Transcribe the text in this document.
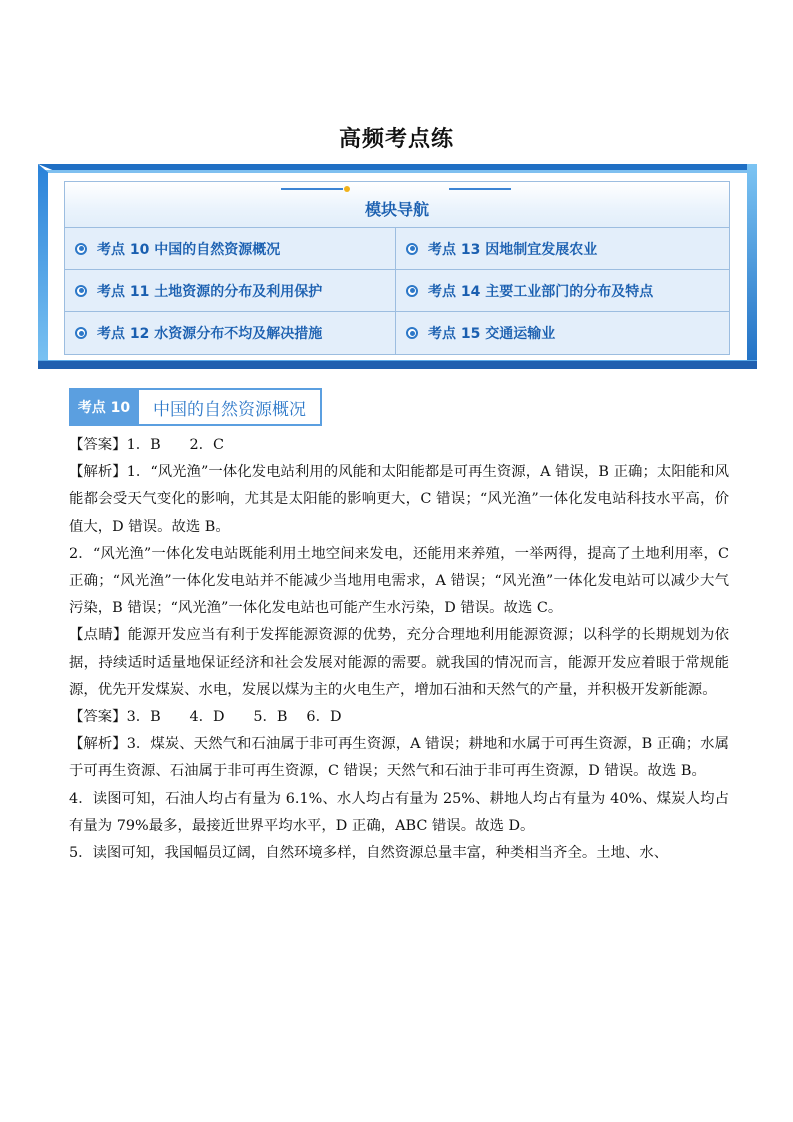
高频考点练
模块导航
考点 10 中国的自然资源概况	考点 13 因地制宜发展农业
考点 11 土地资源的分布及利用保护	考点 14 主要工业部门的分布及特点
考点 12 水资源分布不均及解决措施	考点 15 交通运输业
考点 10	中国的自然资源概况

【答案】1．B　　2．C

【解析】1．“风光渔”一体化发电站利用的风能和太阳能都是可再生资源，A 错误，B 正确；太阳能和风能都会受天气变化的影响，尤其是太阳能的影响更大，C 错误；“风光渔”一体化发电站科技水平高，价值大，D 错误。故选 B。

2．“风光渔”一体化发电站既能利用土地空间来发电，还能用来养殖，一举两得，提高了土地利用率，C 正确；“风光渔”一体化发电站并不能减少当地用电需求，A 错误；“风光渔”一体化发电站可以减少大气污染，B 错误；“风光渔”一体化发电站也可能产生水污染，D 错误。故选 C。

【点睛】能源开发应当有利于发挥能源资源的优势，充分合理地利用能源资源；以科学的长期规划为依据，持续适时适量地保证经济和社会发展对能源的需要。就我国的情况而言，能源开发应着眼于常规能源，优先开发煤炭、水电，发展以煤为主的火电生产，增加石油和天然气的产量，并积极开发新能源。

【答案】3．B　　4．D　　5．B　 6．D

【解析】3．煤炭、天然气和石油属于非可再生资源，A 错误；耕地和水属于可再生资源，B 正确；水属于可再生资源、石油属于非可再生资源，C 错误；天然气和石油于非可再生资源，D 错误。故选 B。

4．读图可知，石油人均占有量为 6.1%、水人均占有量为 25%、耕地人均占有量为 40%、煤炭人均占有量为 79%最多，最接近世界平均水平，D 正确，ABC 错误。故选 D。

5．读图可知，我国幅员辽阔，自然环境多样，自然资源总量丰富，种类相当齐全。土地、水、
